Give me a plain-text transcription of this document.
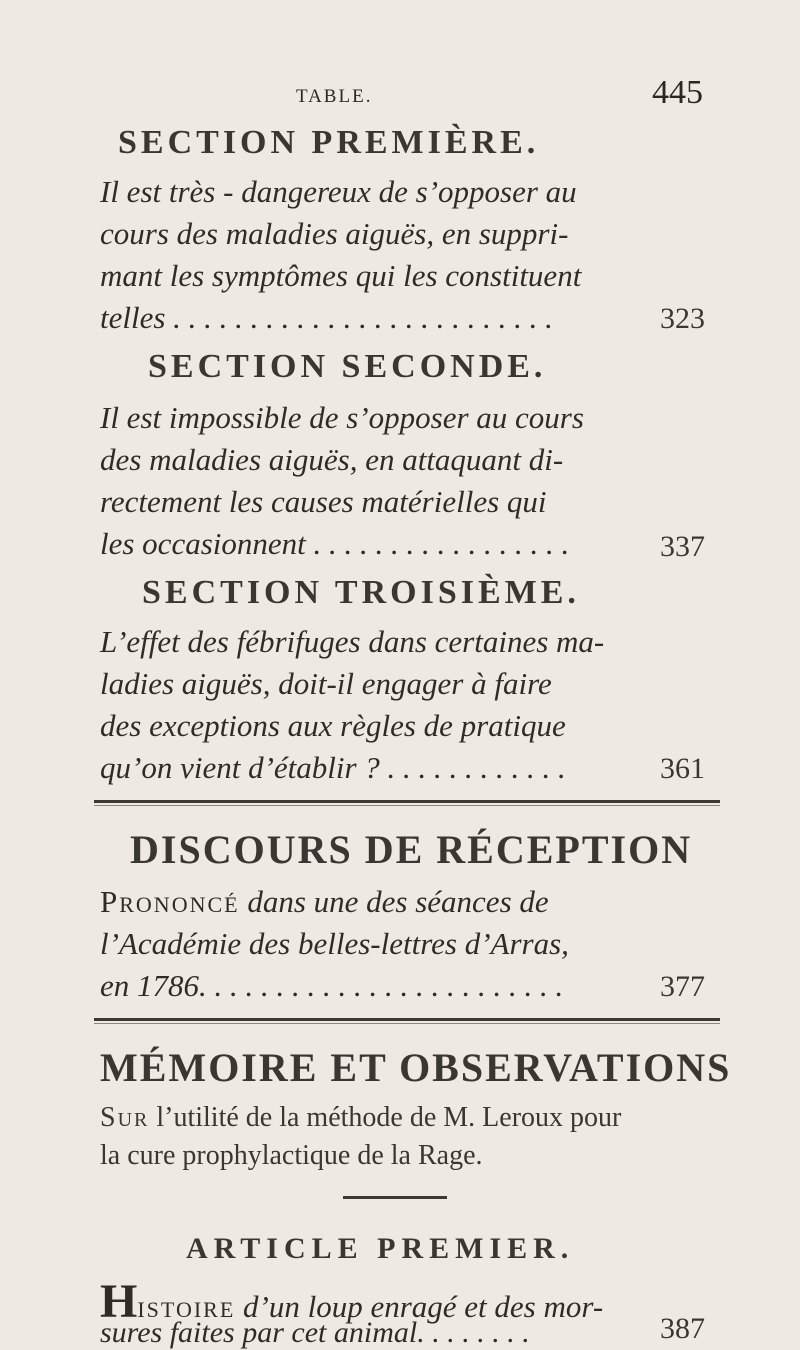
TABLE.	445
SECTION PREMIÈRE.
Il est très - dangereux de s’opposer au
cours des maladies aiguës, en suppri-
mant les symptômes qui les constituent
telles . . . . . . . . . . . . . . . . . . . . . . . . .	323
SECTION SECONDE.
Il est impossible de s’opposer au cours
des maladies aiguës, en attaquant di-
rectement les causes matérielles qui
les occasionnent . . . . . . . . . . . . . . . . .	337
SECTION TROISIÈME.
L’effet des fébrifuges dans certaines ma-
ladies aiguës, doit-il engager à faire
des exceptions aux règles de pratique
qu’on vient d’établir ? . . . . . . . . . . . .	361
DISCOURS DE RÉCEPTION
Prononcé dans une des séances de
l’Académie des belles-lettres d’Arras,
en 1786. . . . . . . . . . . . . . . . . . . . . . . .	377
MÉMOIRE ET OBSERVATIONS
Sur l’utilité de la méthode de M. Leroux pour
la cure prophylactique de la Rage.
ARTICLE PREMIER.
Histoire d’un loup enragé et des mor-
sures faites par cet animal. . . . . . . .	387
